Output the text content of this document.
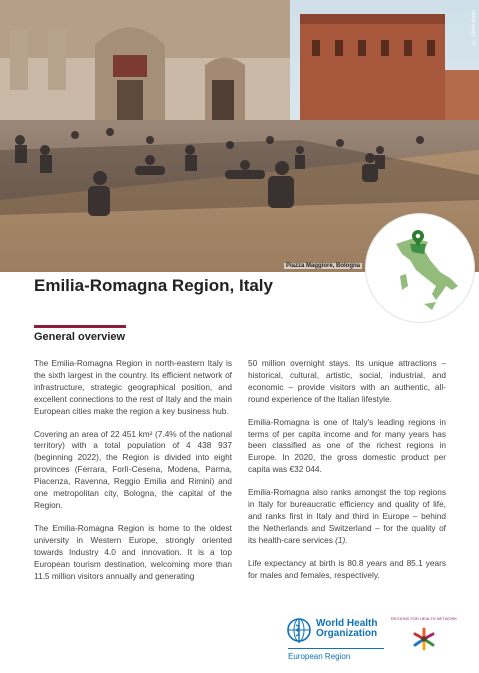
© iStock photo
Piazza Maggiore, Bologna
Emilia-Romagna Region, Italy
General overview

The Emilia-Romagna Region in north-eastern Italy is the sixth largest in the country. Its efficient network of infrastructure, strategic geographical position, and excellent connections to the rest of Italy and the main European cities make the region a key business hub.

Covering an area of 22 451 km² (7.4% of the national territory) with a total population of 4 438 937 (beginning 2022), the Region is divided into eight provinces (Ferrara, Forlì-Cesena, Modena, Parma, Piacenza, Ravenna, Reggio Emilia and Rimini) and one metropolitan city, Bologna, the capital of the Region.

The Emilia-Romagna Region is home to the oldest university in Western Europe, strongly oriented towards Industry 4.0 and innovation. It is a top European tourism destination, welcoming more than 11.5 million visitors annually and generating

50 million overnight stays. Its unique attractions – historical, cultural, artistic, social, industrial, and economic – provide visitors with an authentic, all-round experience of the Italian lifestyle.

Emilia-Romagna is one of Italy's leading regions in terms of per capita income and for many years has been classified as one of the richest regions in Europe. In 2020, the gross domestic product per capita was €32 044.

Emilia-Romagna also ranks amongst the top regions in Italy for bureaucratic efficiency and quality of life, and ranks first in Italy and third in Europe – behind the Netherlands and Switzerland – for the quality of its health-care services (1).

Life expectancy at birth is 80.8 years and 85.1 years for males and females, respectively.

World Health
Organization
European Region
REGIONS FOR HEALTH NETWORK
